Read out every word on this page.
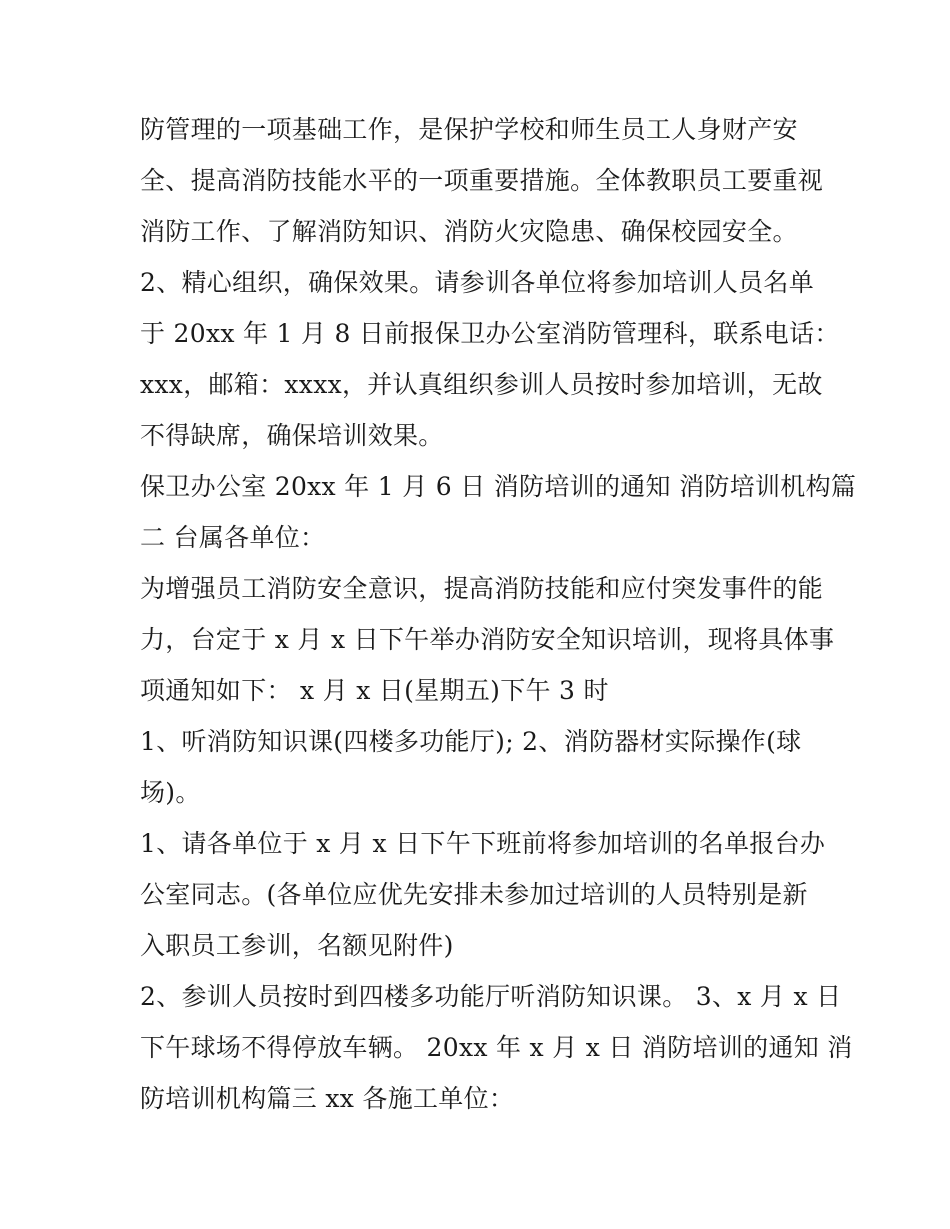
防管理的一项基础工作，是保护学校和师生员工人身财产安
全、提高消防技能水平的一项重要措施。全体教职员工要重视
消防工作、了解消防知识、消防火灾隐患、确保校园安全。
2、精心组织，确保效果。请参训各单位将参加培训人员名单
于 20xx 年 1 月 8 日前报保卫办公室消防管理科，联系电话：
xxx，邮箱：xxxx，并认真组织参训人员按时参加培训，无故
不得缺席，确保培训效果。
保卫办公室 20xx 年 1 月 6 日 消防培训的通知 消防培训机构篇
二 台属各单位：
为增强员工消防安全意识，提高消防技能和应付突发事件的能
力，台定于 x 月 x 日下午举办消防安全知识培训，现将具体事
项通知如下： x 月 x 日(星期五)下午 3 时
1、听消防知识课(四楼多功能厅); 2、消防器材实际操作(球
场)。
1、请各单位于 x 月 x 日下午下班前将参加培训的名单报台办
公室同志。(各单位应优先安排未参加过培训的人员特别是新
入职员工参训，名额见附件)
2、参训人员按时到四楼多功能厅听消防知识课。 3、x 月 x 日
下午球场不得停放车辆。 20xx 年 x 月 x 日 消防培训的通知 消
防培训机构篇三 xx 各施工单位：
